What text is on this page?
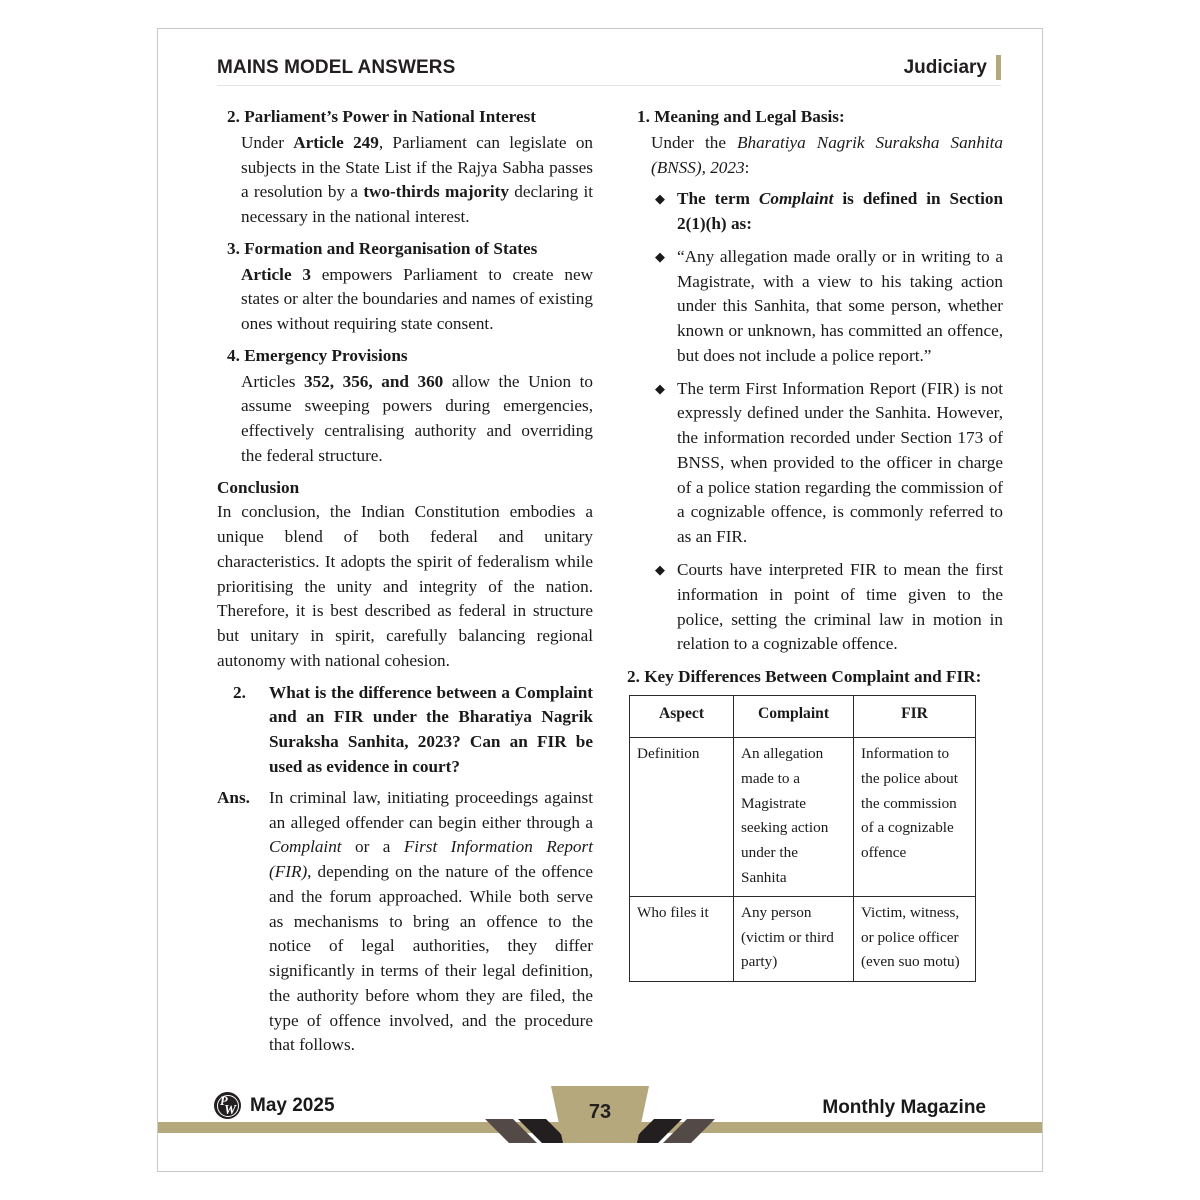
MAINS MODEL ANSWERS	Judiciary
2. Parliament’s Power in National Interest
Under Article 249, Parliament can legislate on subjects in the State List if the Rajya Sabha passes a resolution by a two-thirds majority declaring it necessary in the national interest.
3. Formation and Reorganisation of States
Article 3 empowers Parliament to create new states or alter the boundaries and names of existing ones without requiring state consent.
4. Emergency Provisions
Articles 352, 356, and 360 allow the Union to assume sweeping powers during emergencies, effectively centralising authority and overriding the federal structure.
Conclusion
In conclusion, the Indian Constitution embodies a unique blend of both federal and unitary characteristics. It adopts the spirit of federalism while prioritising the unity and integrity of the nation. Therefore, it is best described as federal in structure but unitary in spirit, carefully balancing regional autonomy with national cohesion.
2.	What is the difference between a Complaint and an FIR under the Bharatiya Nagrik Suraksha Sanhita, 2023? Can an FIR be used as evidence in court?
Ans.	In criminal law, initiating proceedings against an alleged offender can begin either through a Complaint or a First Information Report (FIR), depending on the nature of the offence and the forum approached. While both serve as mechanisms to bring an offence to the notice of legal authorities, they differ significantly in terms of their legal definition, the authority before whom they are filed, the type of offence involved, and the procedure that follows.
1. Meaning and Legal Basis:
Under the Bharatiya Nagrik Suraksha Sanhita (BNSS), 2023:
◆ The term Complaint is defined in Section 2(1)(h) as:
◆ “Any allegation made orally or in writing to a Magistrate, with a view to his taking action under this Sanhita, that some person, whether known or unknown, has committed an offence, but does not include a police report.”
◆ The term First Information Report (FIR) is not expressly defined under the Sanhita. However, the information recorded under Section 173 of BNSS, when provided to the officer in charge of a police station regarding the commission of a cognizable offence, is commonly referred to as an FIR.
◆ Courts have interpreted FIR to mean the first information in point of time given to the police, setting the criminal law in motion in relation to a cognizable offence.
2. Key Differences Between Complaint and FIR:
Aspect	Complaint	FIR
Definition	An allegation made to a Magistrate seeking action under the Sanhita	Information to the police about the commission of a cognizable offence
Who files it	Any person (victim or third party)	Victim, witness, or police officer (even suo motu)
P
W May 2025	73	Monthly Magazine
